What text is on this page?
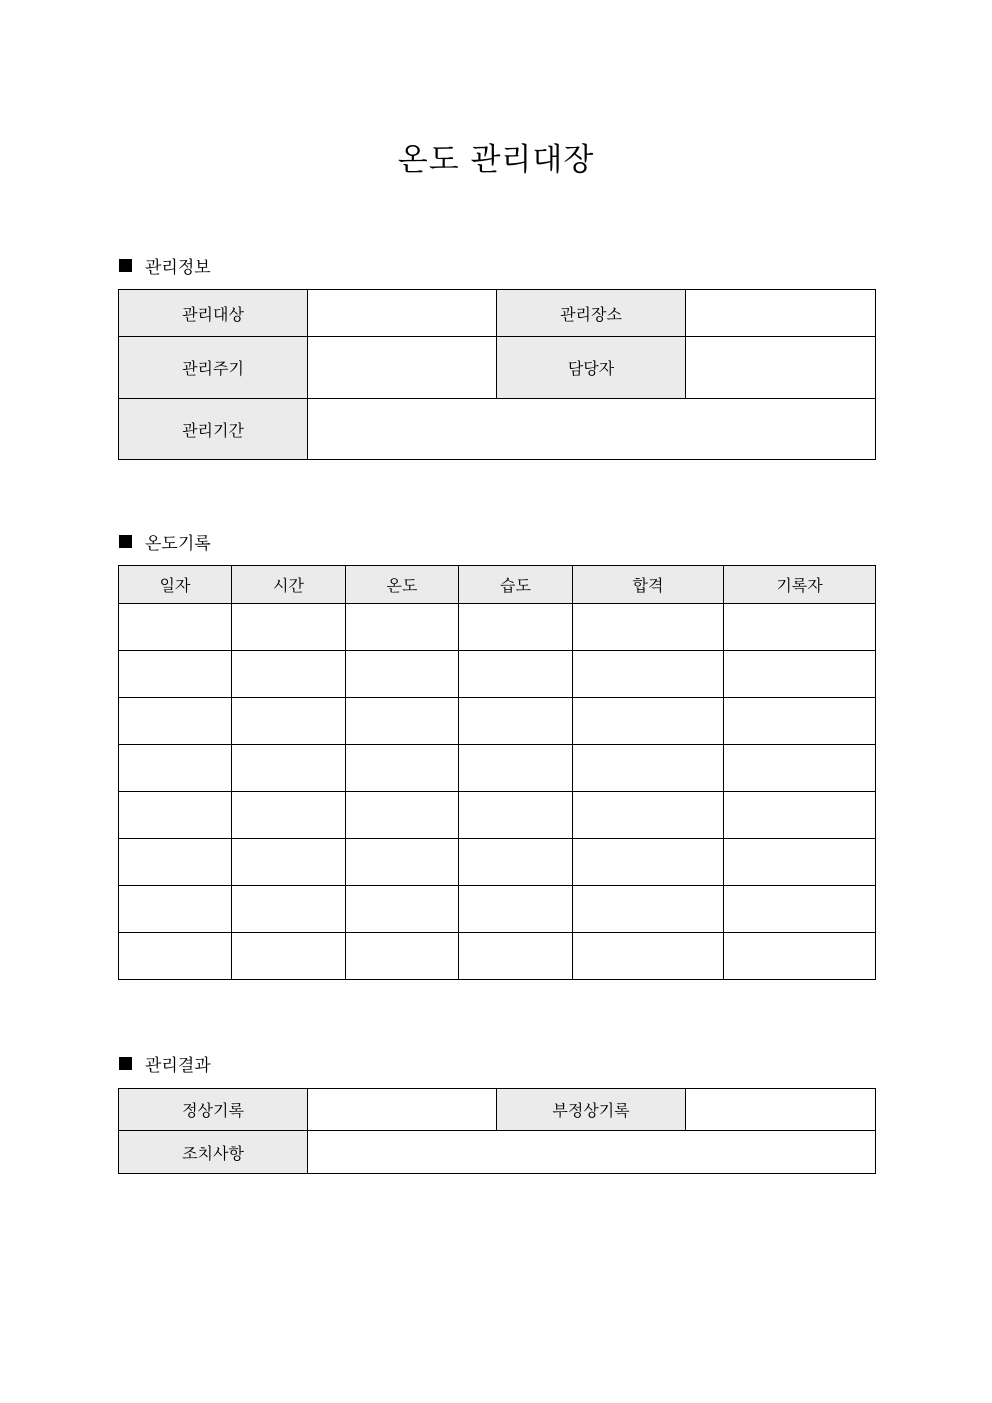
온도 관리대장
관리정보
관리대상		관리장소	
관리주기		담당자	
관리기간			
온도기록
일자	시간	온도	습도	합격	기록자

관리결과
정상기록		부정상기록	
조치사항			
